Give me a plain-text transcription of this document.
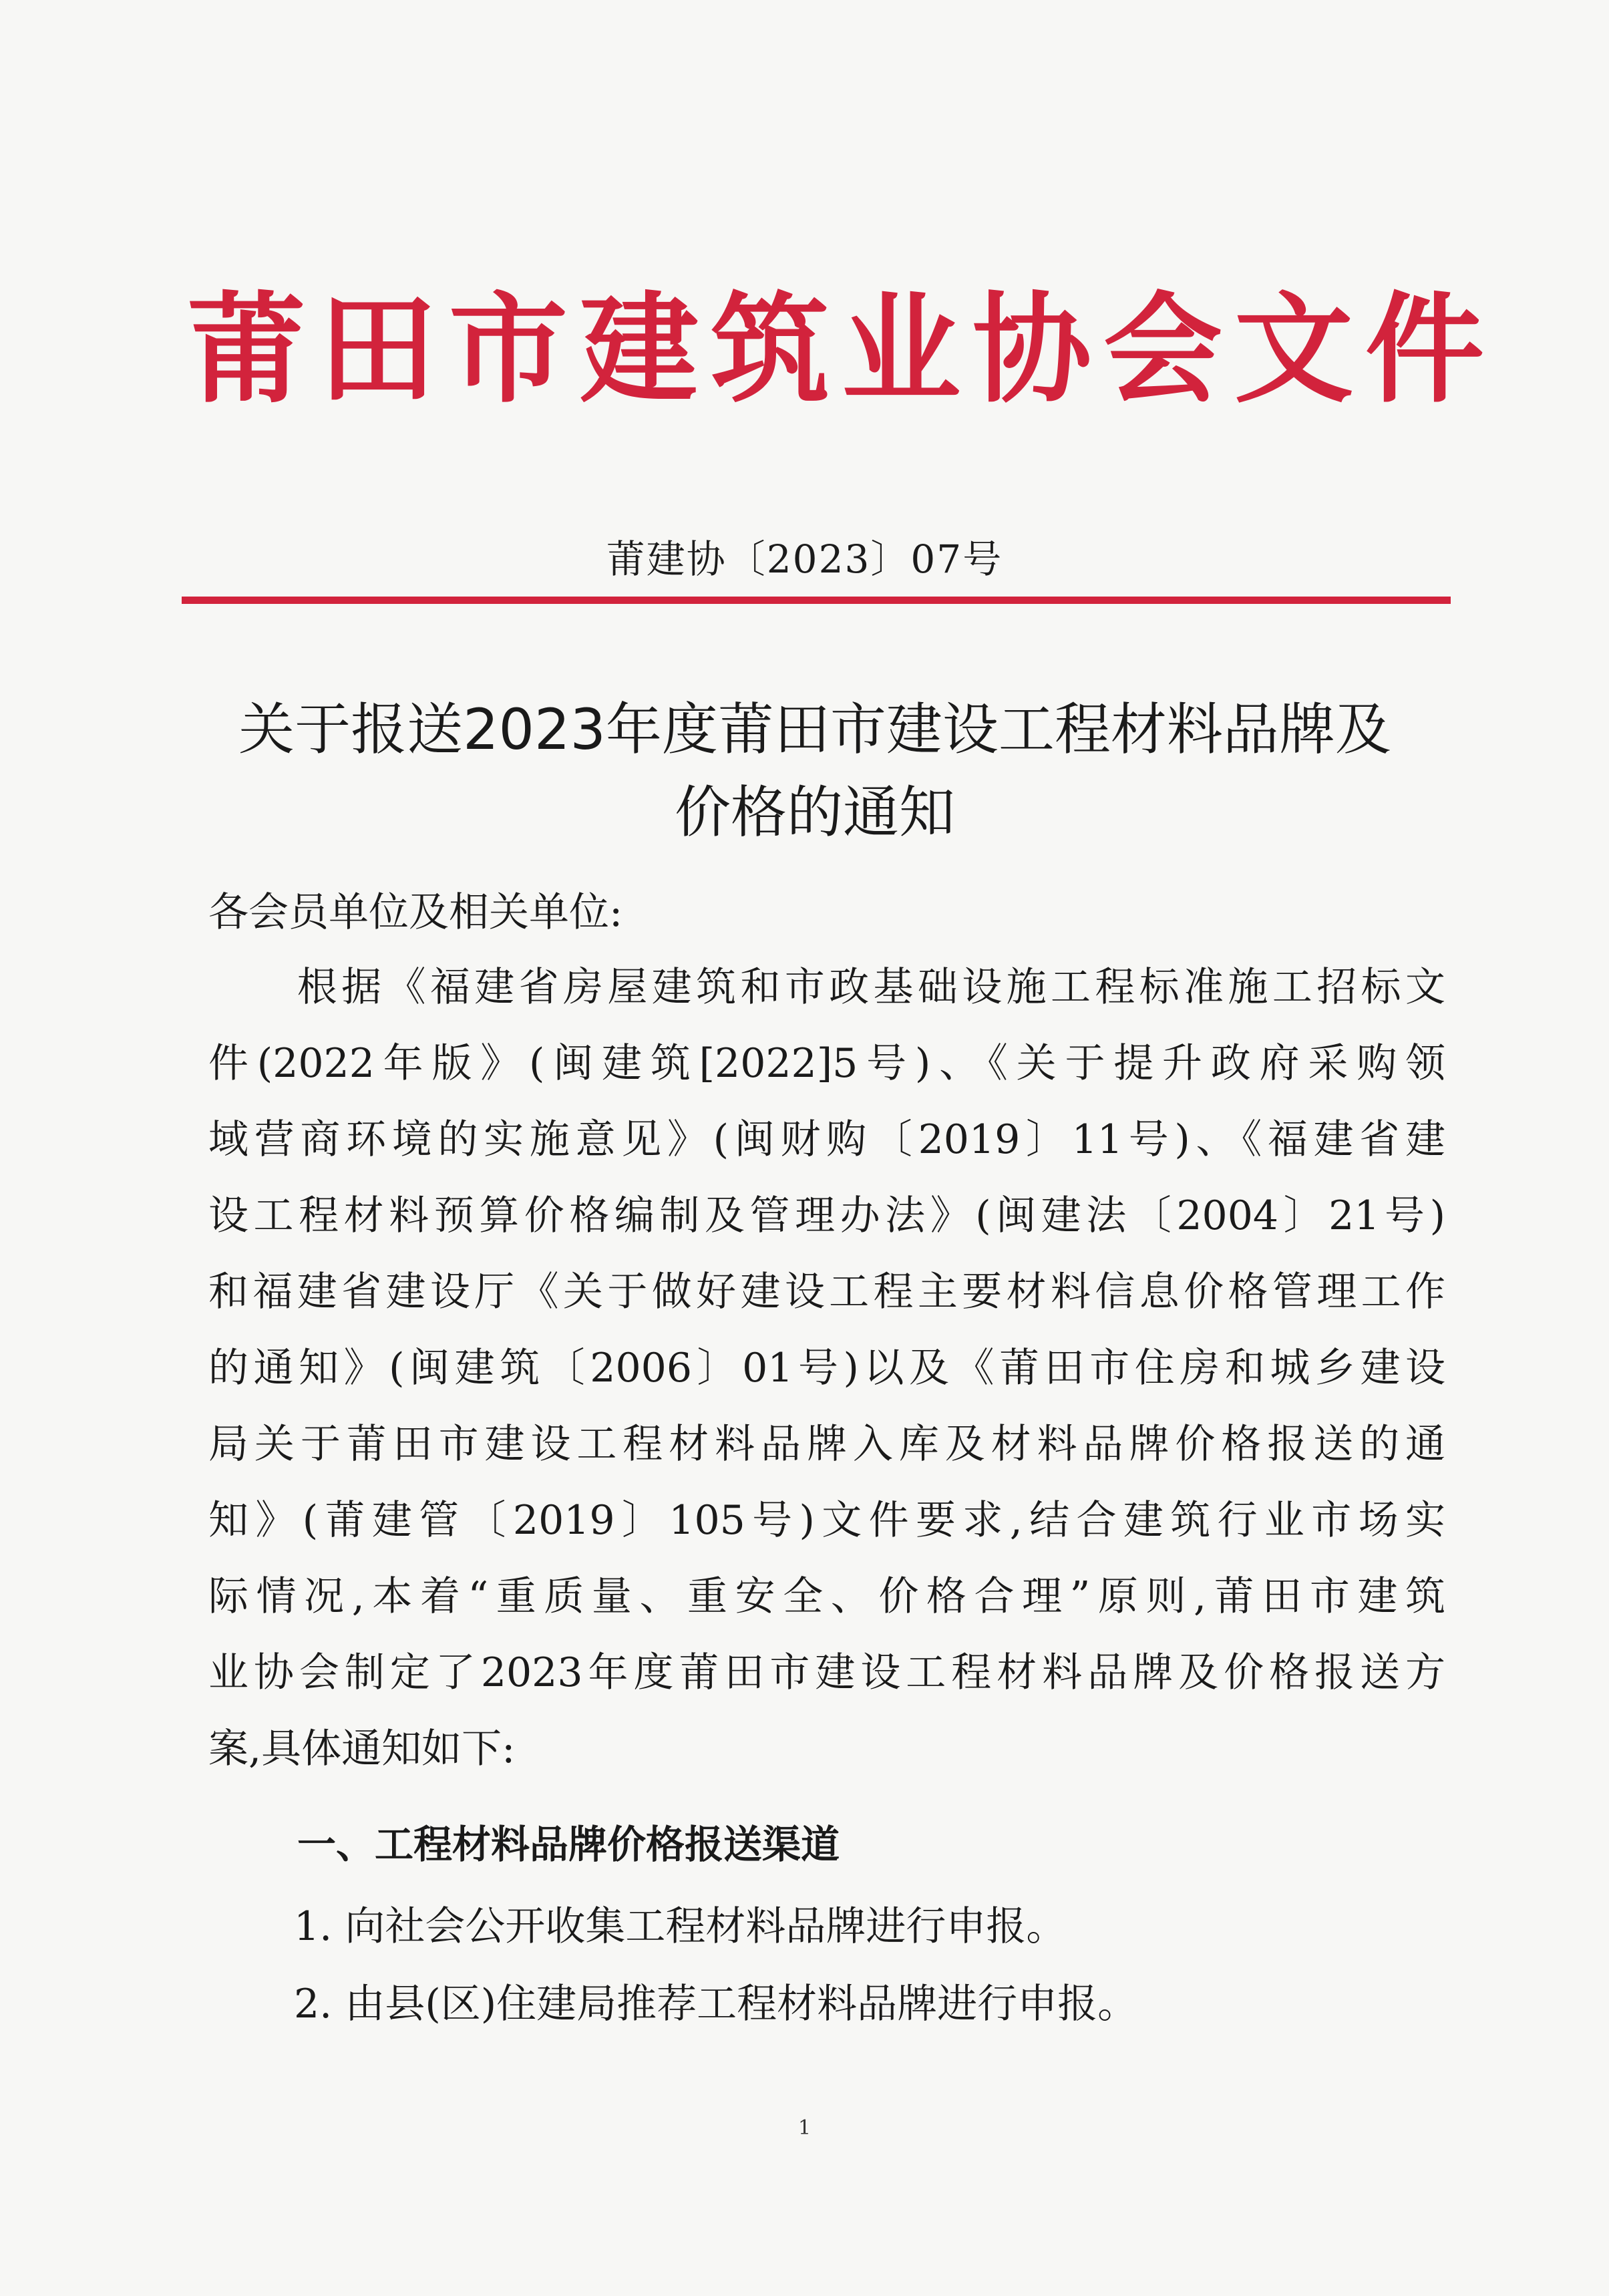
莆田市建筑业协会文件
莆建协〔2023〕07号
关于报送2023年度莆田市建设工程材料品牌及
价格的通知
各会员单位及相关单位:
　　根据《福建省房屋建筑和市政基础设施工程标准施工招标文
件(2022年版》(闽建筑[2022]5号)、《关于提升政府采购领
域营商环境的实施意见》(闽财购〔2019〕11号)、《福建省建
设工程材料预算价格编制及管理办法》(闽建法〔2004〕21号)
和福建省建设厅《关于做好建设工程主要材料信息价格管理工作
的通知》(闽建筑〔2006〕01号)以及《莆田市住房和城乡建设
局关于莆田市建设工程材料品牌入库及材料品牌价格报送的通
知》(莆建管〔2019〕105号)文件要求,结合建筑行业市场实
际情况,本着“重质量、重安全、价格合理”原则,莆田市建筑
业协会制定了2023年度莆田市建设工程材料品牌及价格报送方
案,具体通知如下:
一、工程材料品牌价格报送渠道
1. 向社会公开收集工程材料品牌进行申报。
2. 由县(区)住建局推荐工程材料品牌进行申报。
1
